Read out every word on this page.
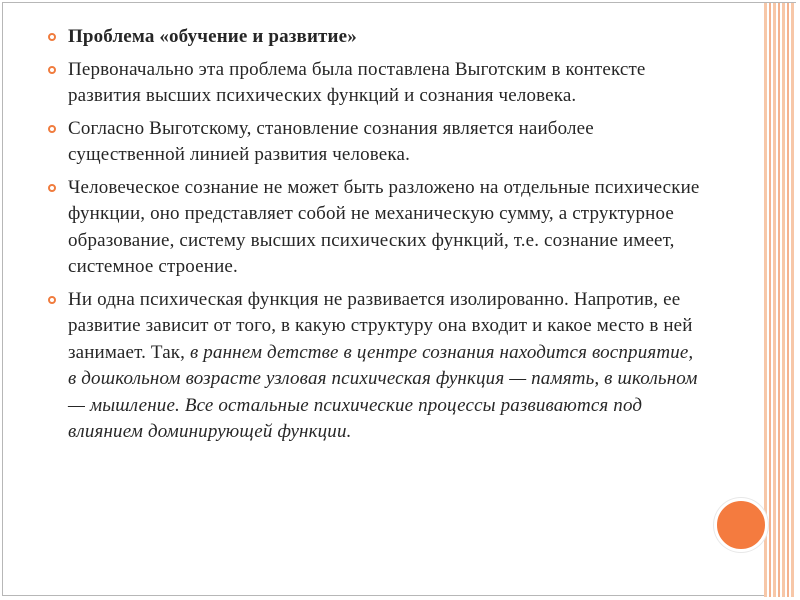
Проблема «обучение и развитие»
Первоначально эта проблема была поставлена Выготским в контексте развития высших психических функций и сознания человека.
Согласно Выготскому, становление сознания является наиболее существенной линией развития человека.
Человеческое сознание не может быть разложено на отдельные психические функции, оно представляет собой не механическую сумму, а структурное образование, систему высших психических функций, т.е. сознание имеет, системное строение.
Ни одна психическая функция не развивается изолированно. Напротив, ее развитие зависит от того, в какую структуру она входит и какое место в ней занимает. Так, в раннем детстве в центре сознания находится восприятие, в дошкольном возрасте узловая психическая функция — память, в школьном — мышление. Все остальные психические процессы развиваются под влиянием доминирующей функции.
